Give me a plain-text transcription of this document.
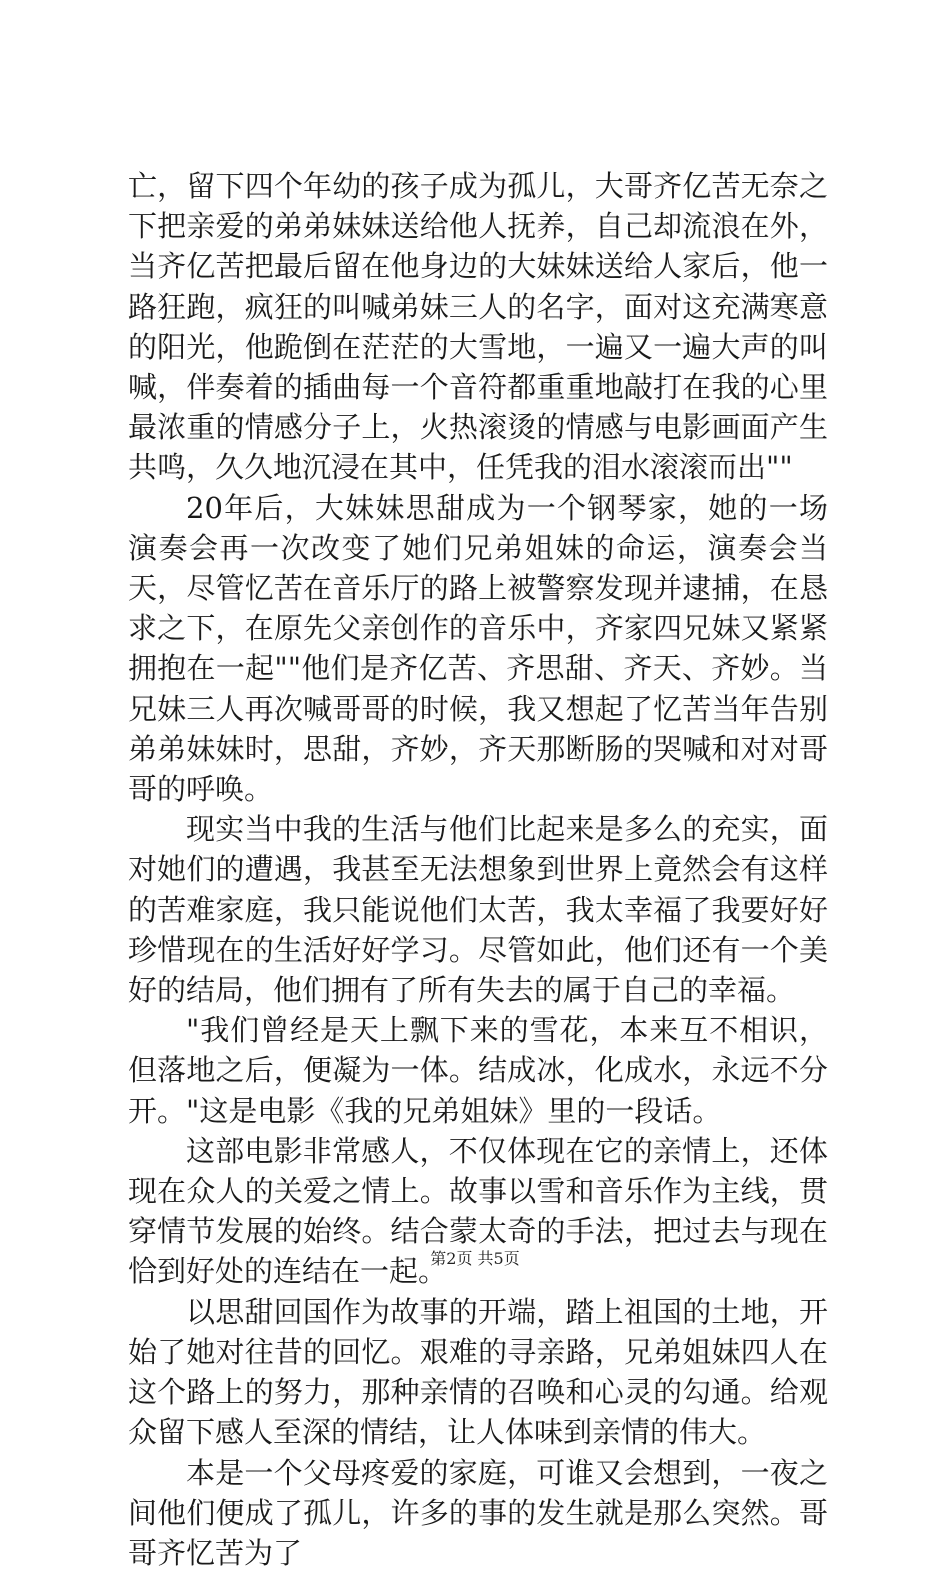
亡，留下四个年幼的孩子成为孤儿，大哥齐亿苦无奈之下把亲爱的弟弟妹妹送给他人抚养，自己却流浪在外，当齐亿苦把最后留在他身边的大妹妹送给人家后，他一路狂跑，疯狂的叫喊弟妹三人的名字，面对这充满寒意的阳光，他跪倒在茫茫的大雪地，一遍又一遍大声的叫喊，伴奏着的插曲每一个音符都重重地敲打在我的心里最浓重的情感分子上，火热滚烫的情感与电影画面产生共鸣，久久地沉浸在其中，任凭我的泪水滚滚而出""

20年后，大妹妹思甜成为一个钢琴家，她的一场演奏会再一次改变了她们兄弟姐妹的命运，演奏会当天，尽管忆苦在音乐厅的路上被警察发现并逮捕，在恳求之下，在原先父亲创作的音乐中，齐家四兄妹又紧紧拥抱在一起""他们是齐亿苦、齐思甜、齐天、齐妙。当兄妹三人再次喊哥哥的时候，我又想起了忆苦当年告别弟弟妹妹时，思甜，齐妙，齐天那断肠的哭喊和对对哥哥的呼唤。

现实当中我的生活与他们比起来是多么的充实，面对她们的遭遇，我甚至无法想象到世界上竟然会有这样的苦难家庭，我只能说他们太苦，我太幸福了我要好好珍惜现在的生活好好学习。尽管如此，他们还有一个美好的结局，他们拥有了所有失去的属于自己的幸福。

"我们曾经是天上飘下来的雪花，本来互不相识，但落地之后，便凝为一体。结成冰，化成水，永远不分开。"这是电影《我的兄弟姐妹》里的一段话。

这部电影非常感人，不仅体现在它的亲情上，还体现在众人的关爱之情上。故事以雪和音乐作为主线，贯穿情节发展的始终。结合蒙太奇的手法，把过去与现在恰到好处的连结在一起。

以思甜回国作为故事的开端，踏上祖国的土地，开始了她对往昔的回忆。艰难的寻亲路，兄弟姐妹四人在这个路上的努力，那种亲情的召唤和心灵的勾通。给观众留下感人至深的情结，让人体味到亲情的伟大。

本是一个父母疼爱的家庭，可谁又会想到，一夜之间他们便成了孤儿，许多的事的发生就是那么突然。哥哥齐忆苦为了

第2页 共5页
